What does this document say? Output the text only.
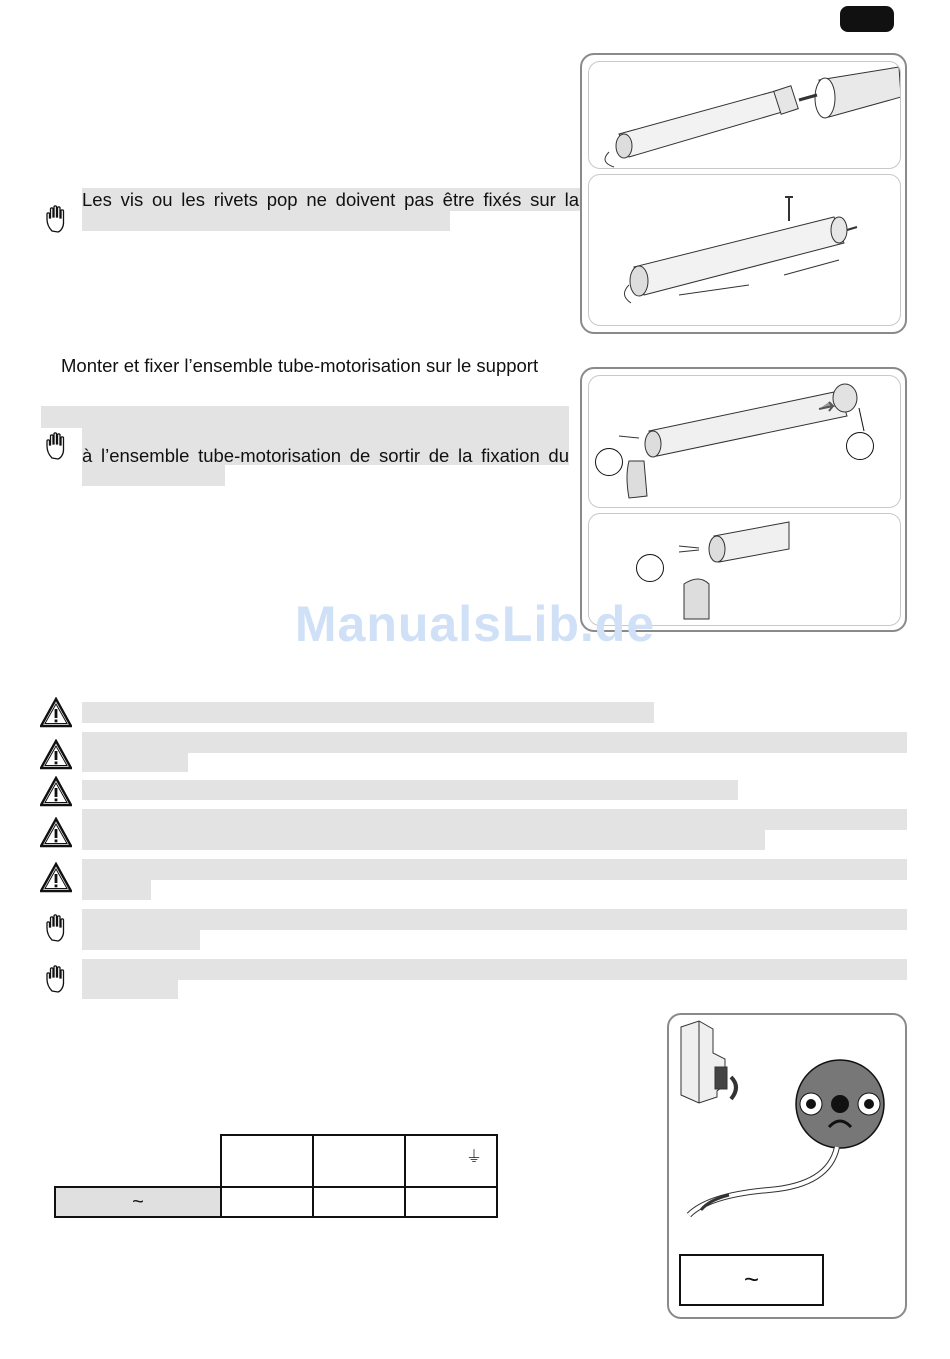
Les vis ou les rivets pop ne doivent pas être fixés sur la
Monter et fixer l’ensemble tube-motorisation sur le support
à l’ensemble tube-motorisation de sortir de la fixation du
ManualsLib.de

			⏚

~			
~
